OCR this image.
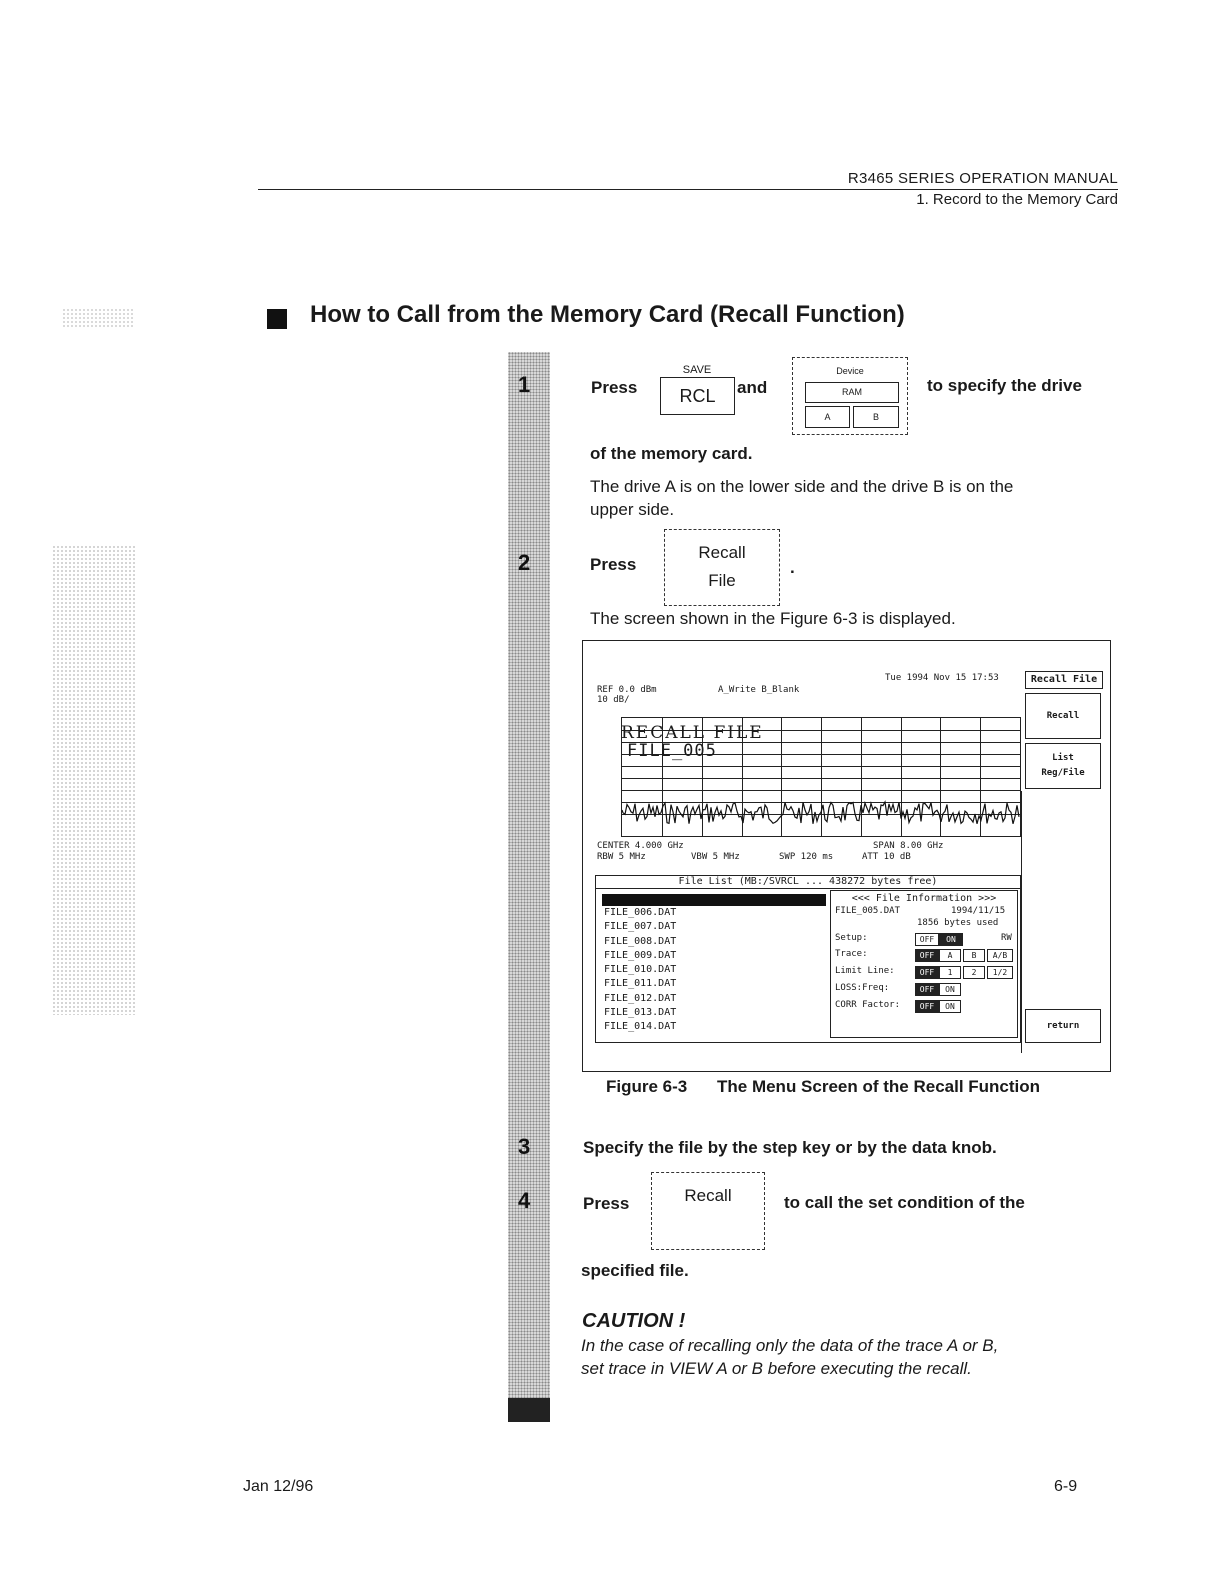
R3465 SERIES OPERATION MANUAL
1. Record to the Memory Card
How to Call from the Memory Card (Recall Function)
1	Press
SAVE
RCL	and
Device
RAM
A	B
to specify the drive
of the memory card.
The drive A is on the lower side and the drive B is on the
upper side.
2	Press
Recall
File
.
The screen shown in the Figure 6-3 is displayed.
Tue 1994 Nov 15 17:53
REF 0.0 dBm
10 dB/
A_Write B_Blank
RECALL FILE
FILE_005
CENTER 4.000 GHz	SPAN 8.00 GHz
RBW 5 MHz	VBW 5 MHz	SWP 120 ms	ATT 10 dB
File List (MB:/SVRCL ... 438272 bytes free)
FILE_006.DAT
FILE_007.DAT
FILE_008.DAT
FILE_009.DAT
FILE_010.DAT
FILE_011.DAT
FILE_012.DAT
FILE_013.DAT
FILE_014.DAT
<<< File Information >>>
FILE_005.DAT	1994/11/15
1856 bytes used
Setup:	OFF	ON	RW
Trace:	OFF	A	B	A/B
Limit Line:	OFF	1	2	1/2
LOSS:Freq:	OFF	ON
CORR Factor:	OFF	ON
Recall File
Recall
List
Reg/File
return
Figure 6-3 The Menu Screen of the Recall Function
3	Specify the file by the step key or by the data knob.
4	Press	Recall	to call the set condition of the
specified file.
CAUTION !
In the case of recalling only the data of the trace A or B,
set trace in VIEW A or B before executing the recall.
Jan 12/96	6-9
